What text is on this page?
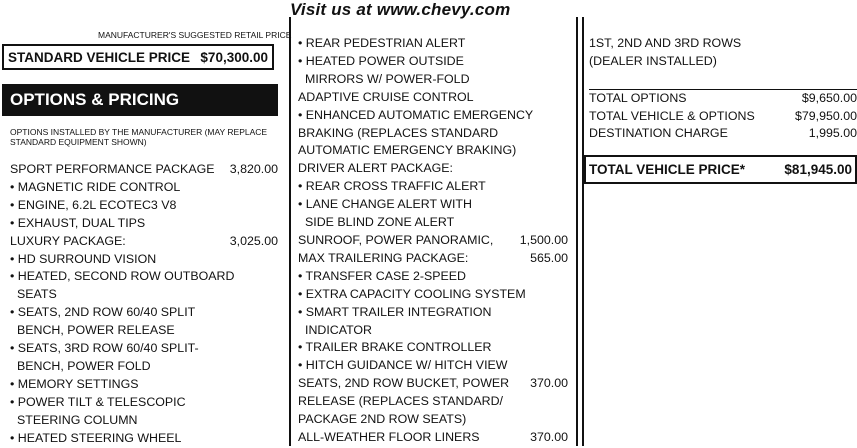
Visit us at www.chevy.com
MANUFACTURER'S SUGGESTED RETAIL PRICE
STANDARD VEHICLE PRICE $70,300.00
OPTIONS & PRICING
OPTIONS INSTALLED BY THE MANUFACTURER (MAY REPLACE STANDARD EQUIPMENT SHOWN)
SPORT PERFORMANCE PACKAGE	3,820.00
• MAGNETIC RIDE CONTROL
• ENGINE, 6.2L ECOTEC3 V8
• EXHAUST, DUAL TIPS
LUXURY PACKAGE:	3,025.00
• HD SURROUND VISION
• HEATED, SECOND ROW OUTBOARD
SEATS
• SEATS, 2ND ROW 60/40 SPLIT
BENCH, POWER RELEASE
• SEATS, 3RD ROW 60/40 SPLIT-
BENCH, POWER FOLD
• MEMORY SETTINGS
• POWER TILT & TELESCOPIC
STEERING COLUMN
• HEATED STEERING WHEEL
• REAR PEDESTRIAN ALERT
• HEATED POWER OUTSIDE
MIRRORS W/ POWER-FOLD
ADAPTIVE CRUISE CONTROL
• ENHANCED AUTOMATIC EMERGENCY
BRAKING (REPLACES STANDARD
AUTOMATIC EMERGENCY BRAKING)
DRIVER ALERT PACKAGE:
• REAR CROSS TRAFFIC ALERT
• LANE CHANGE ALERT WITH
SIDE BLIND ZONE ALERT
SUNROOF, POWER PANORAMIC,	1,500.00
MAX TRAILERING PACKAGE:	565.00
• TRANSFER CASE 2-SPEED
• EXTRA CAPACITY COOLING SYSTEM
• SMART TRAILER INTEGRATION
INDICATOR
• TRAILER BRAKE CONTROLLER
• HITCH GUIDANCE W/ HITCH VIEW
SEATS, 2ND ROW BUCKET, POWER	370.00
RELEASE (REPLACES STANDARD/
PACKAGE 2ND ROW SEATS)
ALL-WEATHER FLOOR LINERS	370.00
1ST, 2ND AND 3RD ROWS
(DEALER INSTALLED)
TOTAL OPTIONS	$9,650.00
TOTAL VEHICLE & OPTIONS	$79,950.00
DESTINATION CHARGE	1,995.00
TOTAL VEHICLE PRICE*	$81,945.00
